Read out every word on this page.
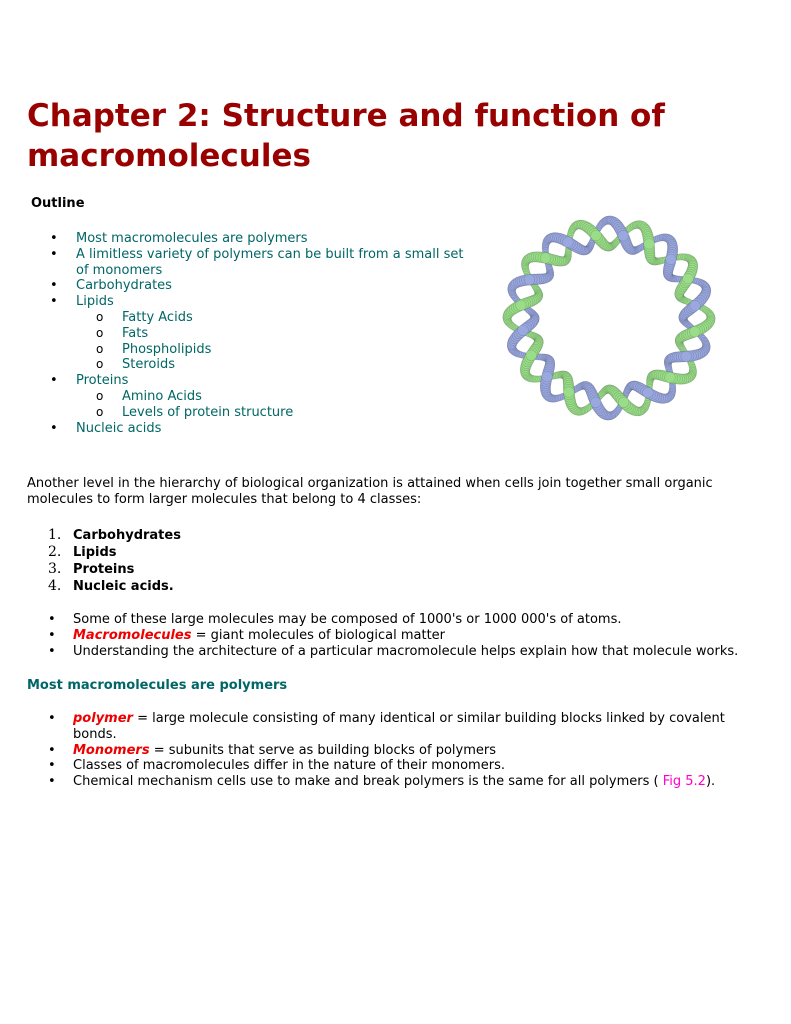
Chapter 2: Structure and function of macromolecules
Outline
• Most macromolecules are polymers
• A limitless variety of polymers can be built from a small set of monomers
• Carbohydrates
• Lipids
o Fatty Acids
o Fats
o Phospholipids
o Steroids
• Proteins
o Amino Acids
o Levels of protein structure
• Nucleic acids

Another level in the hierarchy of biological organization is attained when cells join together small organic molecules to form larger molecules that belong to 4 classes:

1. Carbohydrates
2. Lipids
3. Proteins
4. Nucleic acids.
• Some of these large molecules may be composed of 1000's or 1000 000's of atoms.
• Macromolecules = giant molecules of biological matter
• Understanding the architecture of a particular macromolecule helps explain how that molecule works.
Most macromolecules are polymers
• polymer = large molecule consisting of many identical or similar building blocks linked by covalent bonds.
• Monomers = subunits that serve as building blocks of polymers
• Classes of macromolecules differ in the nature of their monomers.
• Chemical mechanism cells use to make and break polymers is the same for all polymers ( Fig 5.2).
